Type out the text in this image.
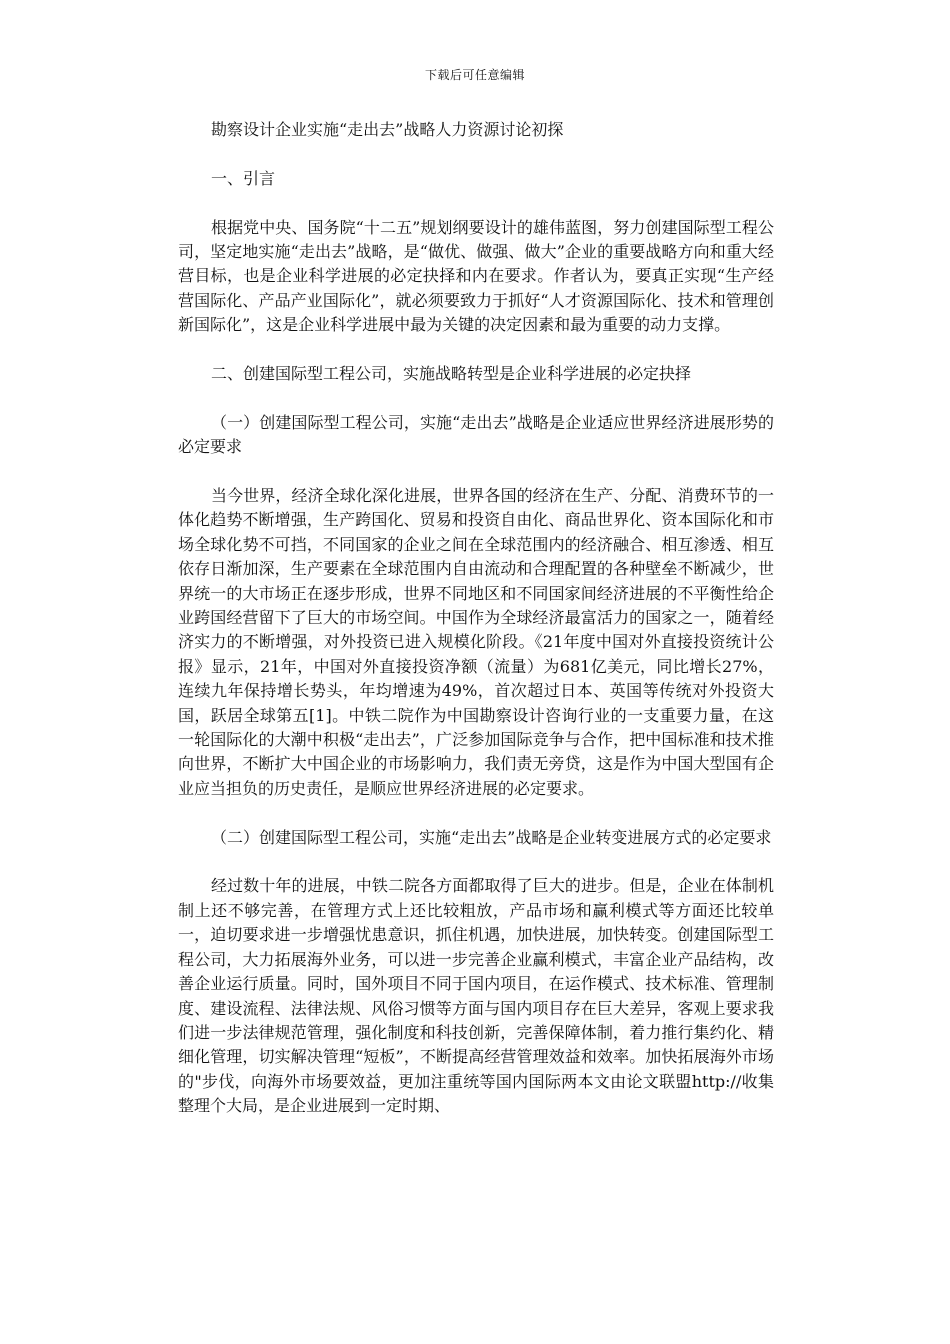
下载后可任意编辑

勘察设计企业实施“走出去”战略人力资源讨论初探

一、引言

根据党中央、国务院“十二五”规划纲要设计的雄伟蓝图，努力创建国际型工程公司，坚定地实施“走出去”战略，是“做优、做强、做大”企业的重要战略方向和重大经营目标，也是企业科学进展的必定抉择和内在要求。作者认为，要真正实现“生产经营国际化、产品产业国际化”，就必须要致力于抓好“人才资源国际化、技术和管理创新国际化”，这是企业科学进展中最为关键的决定因素和最为重要的动力支撑。

二、创建国际型工程公司，实施战略转型是企业科学进展的必定抉择

（一）创建国际型工程公司，实施“走出去”战略是企业适应世界经济进展形势的必定要求

当今世界，经济全球化深化进展，世界各国的经济在生产、分配、消费环节的一体化趋势不断增强，生产跨国化、贸易和投资自由化、商品世界化、资本国际化和市场全球化势不可挡，不同国家的企业之间在全球范围内的经济融合、相互渗透、相互依存日渐加深，生产要素在全球范围内自由流动和合理配置的各种壁垒不断减少，世界统一的大市场正在逐步形成，世界不同地区和不同国家间经济进展的不平衡性给企业跨国经营留下了巨大的市场空间。中国作为全球经济最富活力的国家之一，随着经济实力的不断增强，对外投资已进入规模化阶段。《21年度中国对外直接投资统计公报》显示，21年，中国对外直接投资净额（流量）为681亿美元，同比增长27%，连续九年保持增长势头，年均增速为49%，首次超过日本、英国等传统对外投资大国，跃居全球第五[1]。中铁二院作为中国勘察设计咨询行业的一支重要力量，在这一轮国际化的大潮中积极“走出去”，广泛参加国际竞争与合作，把中国标准和技术推向世界，不断扩大中国企业的市场影响力，我们责无旁贷，这是作为中国大型国有企业应当担负的历史责任，是顺应世界经济进展的必定要求。

（二）创建国际型工程公司，实施“走出去”战略是企业转变进展方式的必定要求

经过数十年的进展，中铁二院各方面都取得了巨大的进步。但是，企业在体制机制上还不够完善，在管理方式上还比较粗放，产品市场和赢利模式等方面还比较单一，迫切要求进一步增强忧患意识，抓住机遇，加快进展，加快转变。创建国际型工程公司，大力拓展海外业务，可以进一步完善企业赢利模式，丰富企业产品结构，改善企业运行质量。同时，国外项目不同于国内项目，在运作模式、技术标准、管理制度、建设流程、法律法规、风俗习惯等方面与国内项目存在巨大差异，客观上要求我们进一步法律规范管理，强化制度和科技创新，完善保障体制，着力推行集约化、精细化管理，切实解决管理“短板”，不断提高经营管理效益和效率。加快拓展海外市场的"步伐，向海外市场要效益，更加注重统等国内国际两本文由论文联盟http://收集整理个大局，是企业进展到一定时期、
